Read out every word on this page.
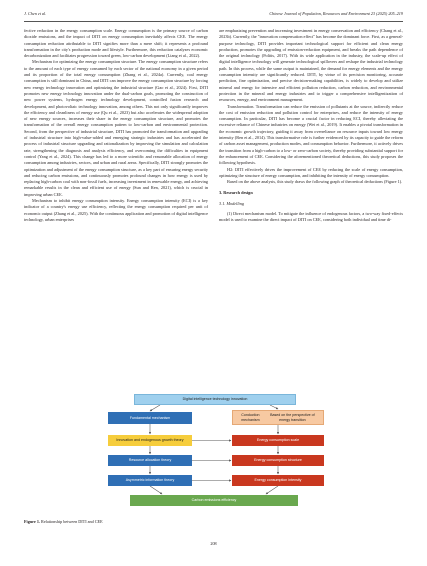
J. Chen et al.	Chinese Journal of Population, Resources and Environment 23 (2025) 205–219

fective reduction in the energy consumption scale. Energy consumption is the primary source of carbon dioxide emissions, and the impact of DITI on energy consumption inevitably affects CEE. The energy consumption reduction attributable to DITI signifies more than a mere shift; it represents a profound transformation in the city's production mode and lifestyle. Furthermore, this reduction catalyzes economic decarbonization and facilitates progression toward green, low-carbon development (Liang et al., 2022).

Mechanism for optimizing the energy consumption structure. The energy consumption structure refers to the amount of each type of energy consumed by each sector of the national economy in a given period and its proportion of the total energy consumption (Zhang et al., 2024a). Currently, coal energy consumption is still dominant in China, and DITI can improve the energy consumption structure by forcing new energy technology innovation and optimizing the industrial structure (Gao et al., 2024). First, DITI promotes new energy technology innovation under the dual-carbon goals, promoting the construction of new power systems, hydrogen energy technology development, controlled fusion research and development, and photovoltaic technology innovation, among others. This not only significantly improves the efficiency and cleanliness of energy use (Qu et al., 2023) but also accelerates the widespread adoption of new energy sources, increases their share in the energy consumption structure, and promotes the transformation of the overall energy consumption pattern to low-carbon and environmental protection. Second, from the perspective of industrial structure, DITI has promoted the transformation and upgrading of industrial structure into high-value-added and emerging strategic industries and has accelerated the process of industrial structure upgrading and rationalization by improving the simulation and calculation rate, strengthening the diagnosis and analysis efficiency, and overcoming the difficulties in equipment control (Yang et al., 2024). This change has led to a more scientific and reasonable allocation of energy consumption among industries, sectors, and urban and rural areas. Specifically, DITI strongly promotes the optimization and adjustment of the energy consumption structure, as a key part of ensuring energy security and reducing carbon emissions, and continuously promotes profound changes in how energy is used by replacing high-carbon coal with non-fossil fuels, increasing investment in renewable energy, and achieving remarkable results in the clean and efficient use of energy (Sun and Ren, 2021), which is crucial in improving urban CEE.

Mechanism to inhibit energy consumption intensity. Energy consumption intensity (ECI) is a key indicator of a country's energy use efficiency, reflecting the energy consumption required per unit of economic output (Zhang et al., 2025). With the continuous application and promotion of digital intelligence technology, urban enterprises

are emphasizing prevention and increasing investment in energy conservation and efficiency (Chang et al., 2023b). Currently, the "innovation compensation effect" has become the dominant force. First, as a general-purpose technology, DITI provides important technological support for efficient and clean energy production, promotes the upgrading of emission-reduction equipment, and breaks the path dependence of the original technology (Politis, 2017). With its wide application in the industry, the scale-up effect of digital intelligence technology will generate technological spillovers and reshape the industrial technology path. In this process, while the same output is maintained, the demand for energy elements and the energy consumption intensity are significantly reduced. DITI, by virtue of its precision monitoring, accurate prediction, fine optimization, and precise decision-making capabilities, is widely to develop and utilize mineral and energy for intensive and efficient pollution reduction, carbon reduction, and environmental protection in the mineral and energy industries and to trigger a comprehensive intelligentization of resources, energy, and environment management.

Transformation. Transformation can reduce the emission of pollutants at the source, indirectly reduce the cost of emission reduction and pollution control for enterprises, and reduce the intensity of energy consumption. In particular, DITI has become a crucial factor in reducing ECI, thereby alleviating the excessive reliance of Chinese industries on energy (Wei et al., 2019). It enables a pivotal transformation in the economic growth trajectory, guiding it away from overreliance on resource inputs toward low energy intensity (Ren et al., 2014). This transformative role is further evidenced by its capacity to guide the reform of carbon asset management, production modes, and consumption behavior. Furthermore, it actively drives the transition from a high-carbon to a low- or zero-carbon society, thereby providing substantial support for the enhancement of CEE. Considering the aforementioned theoretical deductions, this study proposes the following hypothesis.

H2: DITI effectively drives the improvement of CEE by reducing the scale of energy consumption, optimizing the structure of energy consumption, and inhibiting the intensity of energy consumption.

Based on the above analysis, this study draws the following graph of theoretical deductions (Figure 1).

3. Research design

3.1. Modelling

(1) Direct mechanism model. To mitigate the influence of endogenous factors, a two-way fixed-effects model is used to examine the direct impact of DITI on CEE, considering both individual and time di-

Digital intelligence technology innovation
Fundamental mechanism
Conduction mechanism

Based on the perspective of energy transition
Innovation and endogenous growth theory
Resource allocation theory
Asymmetric information theory
Energy consumption scale
Energy consumption structure
Energy consumption intensity
Carbon emissions efficiency
Figure 1. Relationship between DITI and CEE
208
